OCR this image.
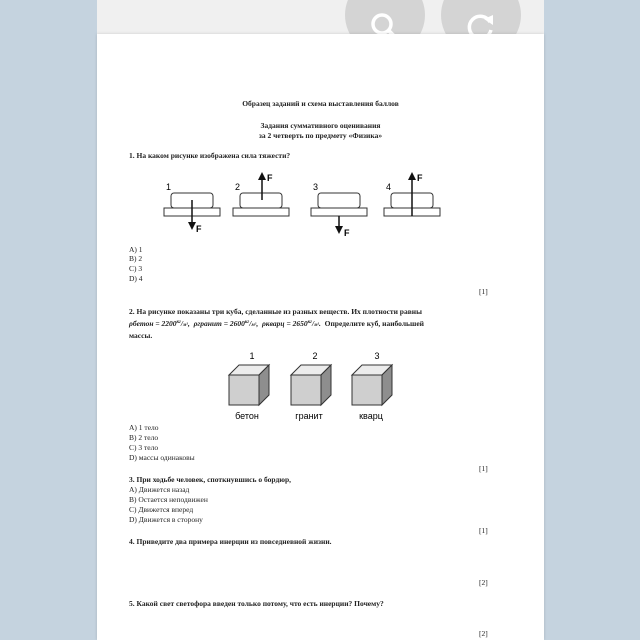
Образец заданий и схема выставления баллов
Задания суммативного оценивания
за 2 четверть по предмету «Физика»
1. На каком рисунке изображена сила тяжести?
1
F
2
F
3
F
4
F
A) 1
B) 2
C) 3
D) 4
[1]
2. На рисунке показаны три куба, сделанные из разных веществ. Их плотности равны
ρбетон = $2200^{кг}/м^3$,  ρгранит = $2600^{кг}/м^3$,  ρкварц = $2650^{кг}/м^3$.  Определите куб, наибольшей
массы.
1
бетон
2
гранит
3
кварц
A) 1 тело
B) 2 тело
C) 3 тело
D) массы одинаковы
[1]
3. При ходьбе человек, споткнувшись о бордюр,
A) Движется назад
B) Остается неподвижен
C) Движется вперед
D) Движется в сторону
[1]
4. Приведите два примера инерции из повседневной жизни.
[2]
5. Какой свет светофора введен только потому, что есть инерции? Почему?
[2]
